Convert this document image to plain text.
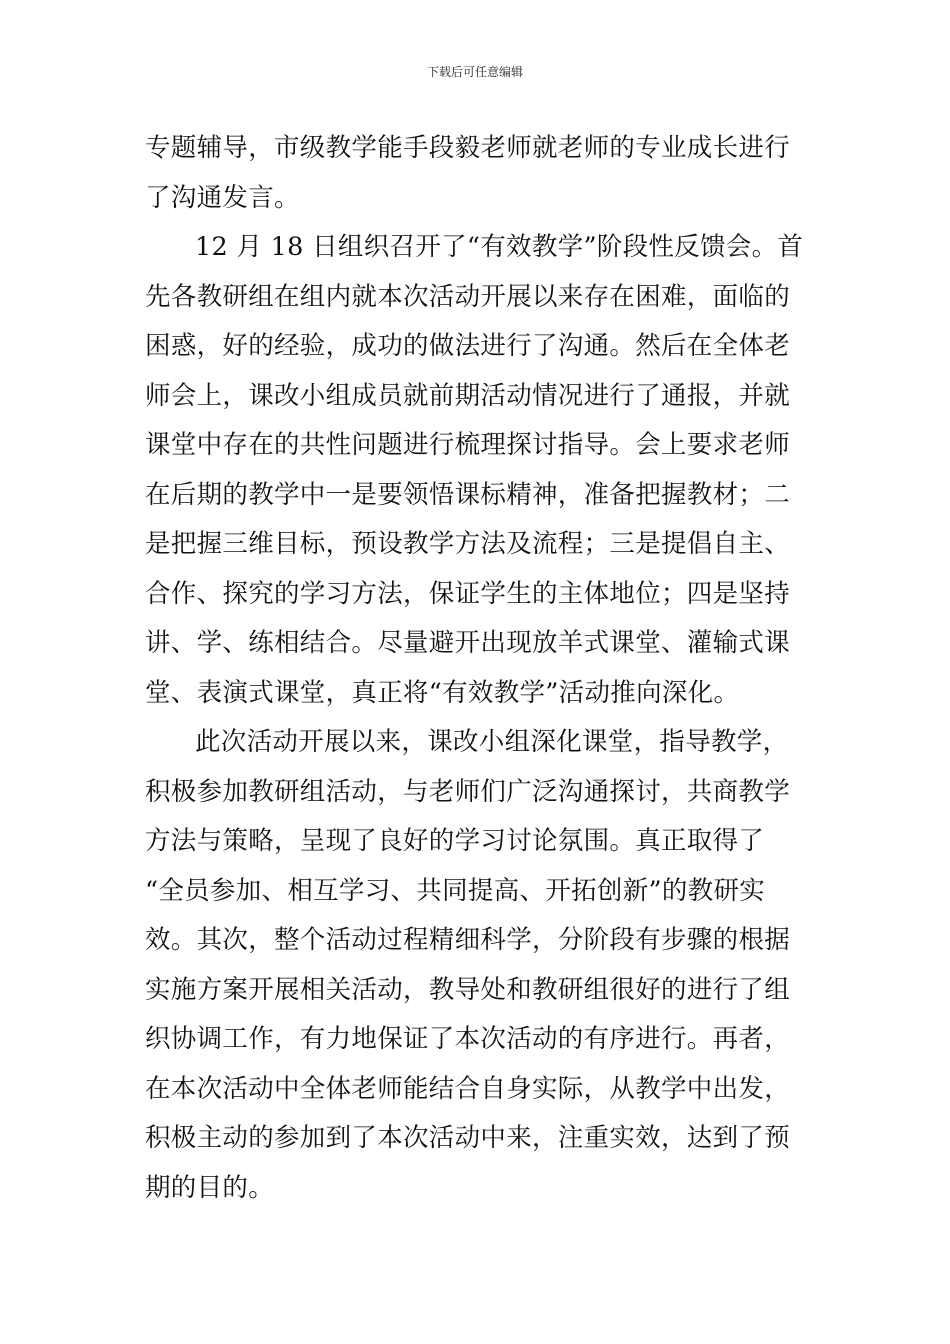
下载后可任意编辑
专题辅导，市级教学能手段毅老师就老师的专业成长进行
了沟通发言。
12 月 18 日组织召开了“有效教学”阶段性反馈会。首
先各教研组在组内就本次活动开展以来存在困难，面临的
困惑，好的经验，成功的做法进行了沟通。然后在全体老
师会上，课改小组成员就前期活动情况进行了通报，并就
课堂中存在的共性问题进行梳理探讨指导。会上要求老师
在后期的教学中一是要领悟课标精神，准备把握教材；二
是把握三维目标，预设教学方法及流程；三是提倡自主、
合作、探究的学习方法，保证学生的主体地位；四是坚持
讲、学、练相结合。尽量避开出现放羊式课堂、灌输式课
堂、表演式课堂，真正将“有效教学”活动推向深化。
此次活动开展以来，课改小组深化课堂，指导教学，
积极参加教研组活动，与老师们广泛沟通探讨，共商教学
方法与策略，呈现了良好的学习讨论氛围。真正取得了
“全员参加、相互学习、共同提高、开拓创新”的教研实
效。其次，整个活动过程精细科学，分阶段有步骤的根据
实施方案开展相关活动，教导处和教研组很好的进行了组
织协调工作，有力地保证了本次活动的有序进行。再者，
在本次活动中全体老师能结合自身实际，从教学中出发，
积极主动的参加到了本次活动中来，注重实效，达到了预
期的目的。
